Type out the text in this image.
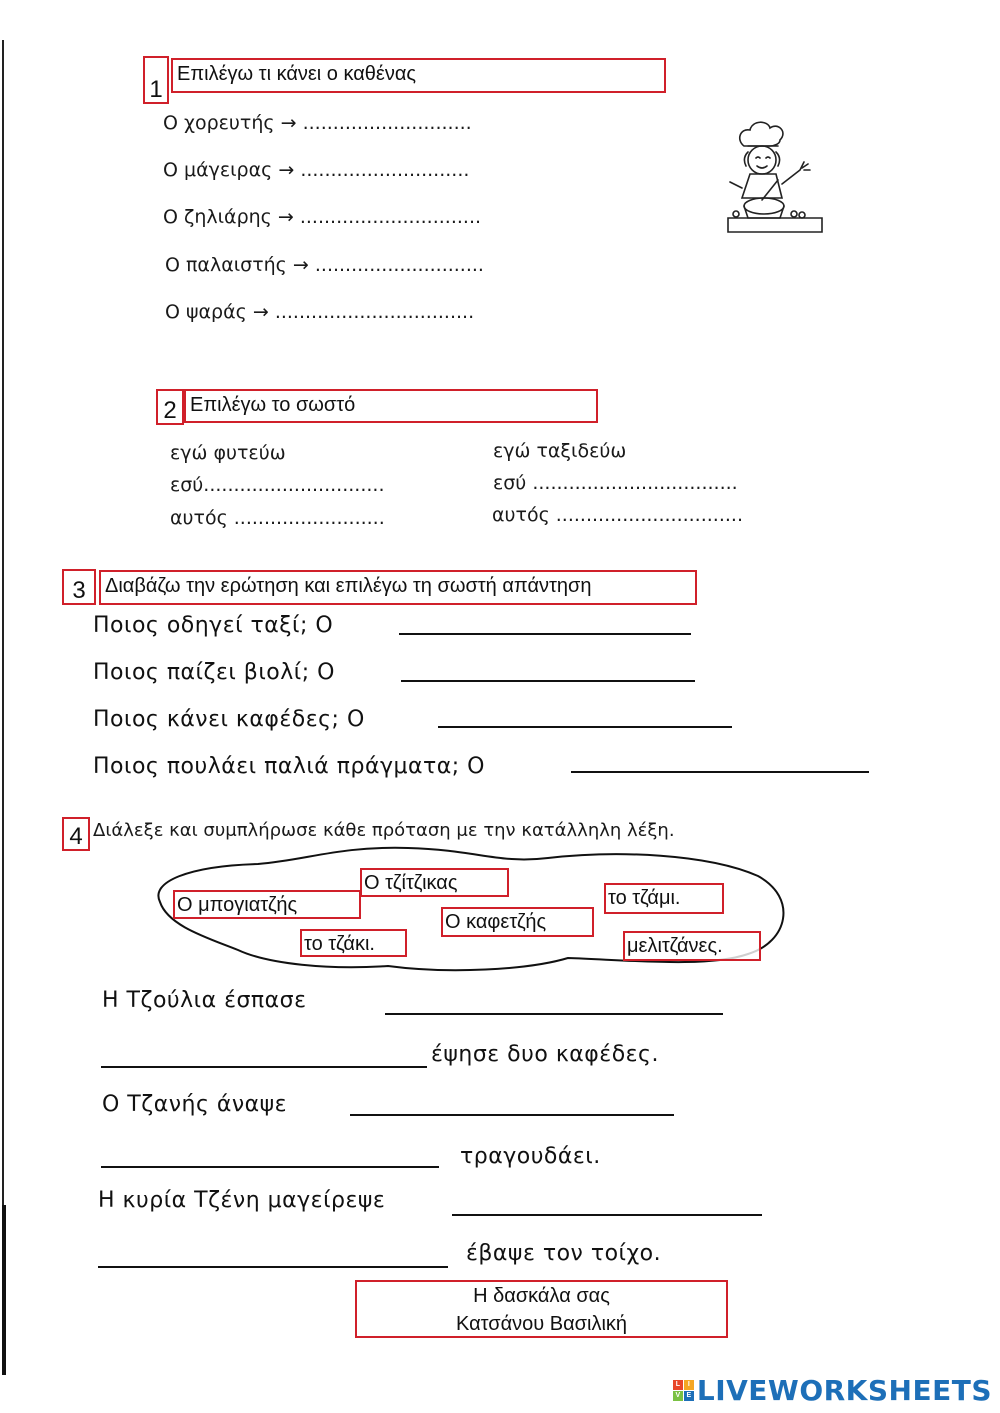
1
Επιλέγω τι κάνει ο καθένας
Ο χορευτής → ............................
Ο μάγειρας → ............................
Ο ζηλιάρης → ..............................
Ο παλαιστής → ............................
Ο ψαράς → .................................
2 Επιλέγω το σωστό
εγώ φυτεύω
εσύ..............................
αυτός .........................
εγώ ταξιδεύω
εσύ ..................................
αυτός ...............................
3 Διαβάζω την ερώτηση και επιλέγω τη σωστή απάντηση
Ποιος οδηγεί ταξί; Ο
Ποιος παίζει βιολί; Ο
Ποιος κάνει καφέδες; Ο
Ποιος πουλάει παλιά πράγματα; Ο
4 Διάλεξε και συμπλήρωσε κάθε πρόταση με την κατάλληλη λέξη.
Ο τζίτζικας
Ο μπογιατζής	το τζάμι.
Ο καφετζής
το τζάκι.	μελιτζάνες.
Η Τζούλια έσπασε
έψησε δυο καφέδες.
Ο Τζανής άναψε
τραγουδάει.
Η κυρία Τζένη μαγείρεψε
έβαψε τον τοίχο.
Η δασκάλα σας
Κατσάνου Βασιλική
L	I
V E LIVEWORKSHEETS
